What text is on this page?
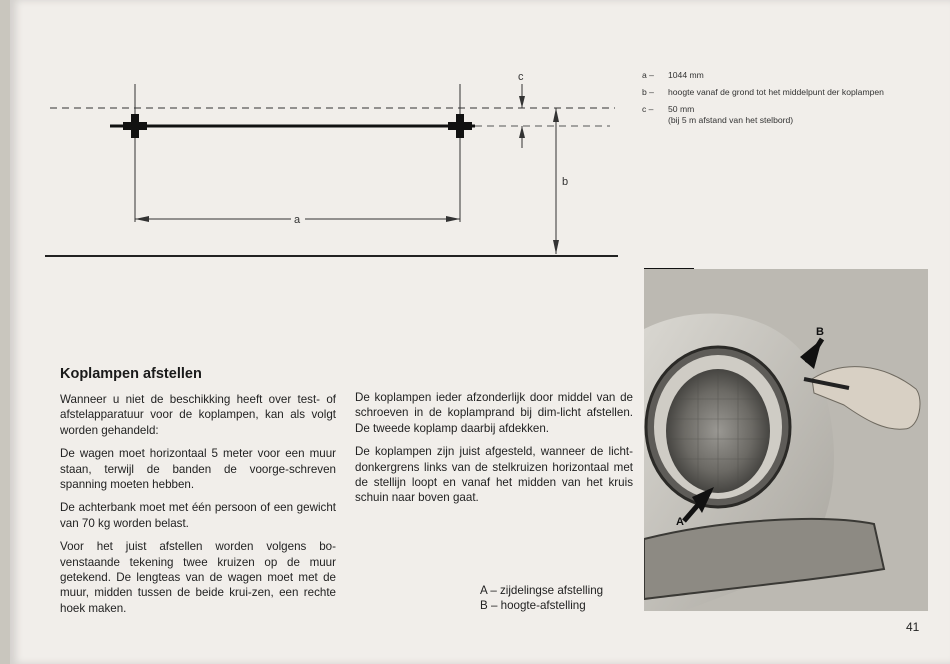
a
b
c	a –	1044 mm
b –	hoogte vanaf de grond tot het middelpunt der koplampen
c –	50 mm
(bij 5 m afstand van het stelbord)
B
A
Koplampen afstellen

Wanneer u niet de beschikking heeft over test- of afstelapparatuur voor de koplampen, kan als volgt worden gehandeld:

De wagen moet horizontaal 5 meter voor een muur staan, terwijl de banden de voorge-schreven spanning moeten hebben.

De achterbank moet met één persoon of een gewicht van 70 kg worden belast.

Voor het juist afstellen worden volgens bo-venstaande tekening twee kruizen op de muur getekend. De lengteas van de wagen moet met de muur, midden tussen de beide krui-zen, een rechte hoek maken.

De koplampen ieder afzonderlijk door middel van de schroeven in de koplamprand bij dim-licht afstellen. De tweede koplamp daarbij afdekken.

De koplampen zijn juist afgesteld, wanneer de licht-donkergrens links van de stelkruizen horizontaal met de stellijn loopt en vanaf het midden van het kruis schuin naar boven gaat.

A – zijdelingse afstelling
B – hoogte-afstelling
41
